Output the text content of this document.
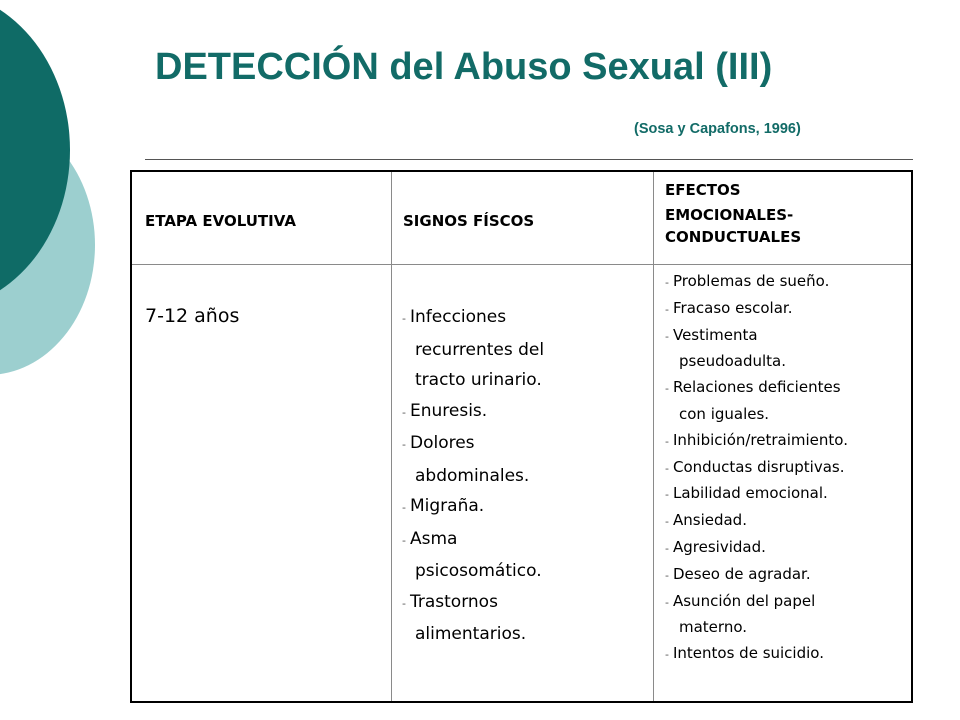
DETECCIÓN del Abuso Sexual (III)
(Sosa y Capafons, 1996)
ETAPA EVOLUTIVA	SIGNOS FÍSCOS
EFECTOS
EMOCIONALES-
CONDUCTUALES
7-12 años	- Infecciones
recurrentes del
tracto urinario.
- Enuresis.
- Dolores
abdominales.
- Migraña.
- Asma
psicosomático.
- Trastornos
alimentarios.
- Problemas de sueño.
- Fracaso escolar.
- Vestimenta
pseudoadulta.
- Relaciones deficientes
con iguales.
- Inhibición/retraimiento.
- Conductas disruptivas.
- Labilidad emocional.
- Ansiedad.
- Agresividad.
- Deseo de agradar.
- Asunción del papel
materno.
- Intentos de suicidio.
